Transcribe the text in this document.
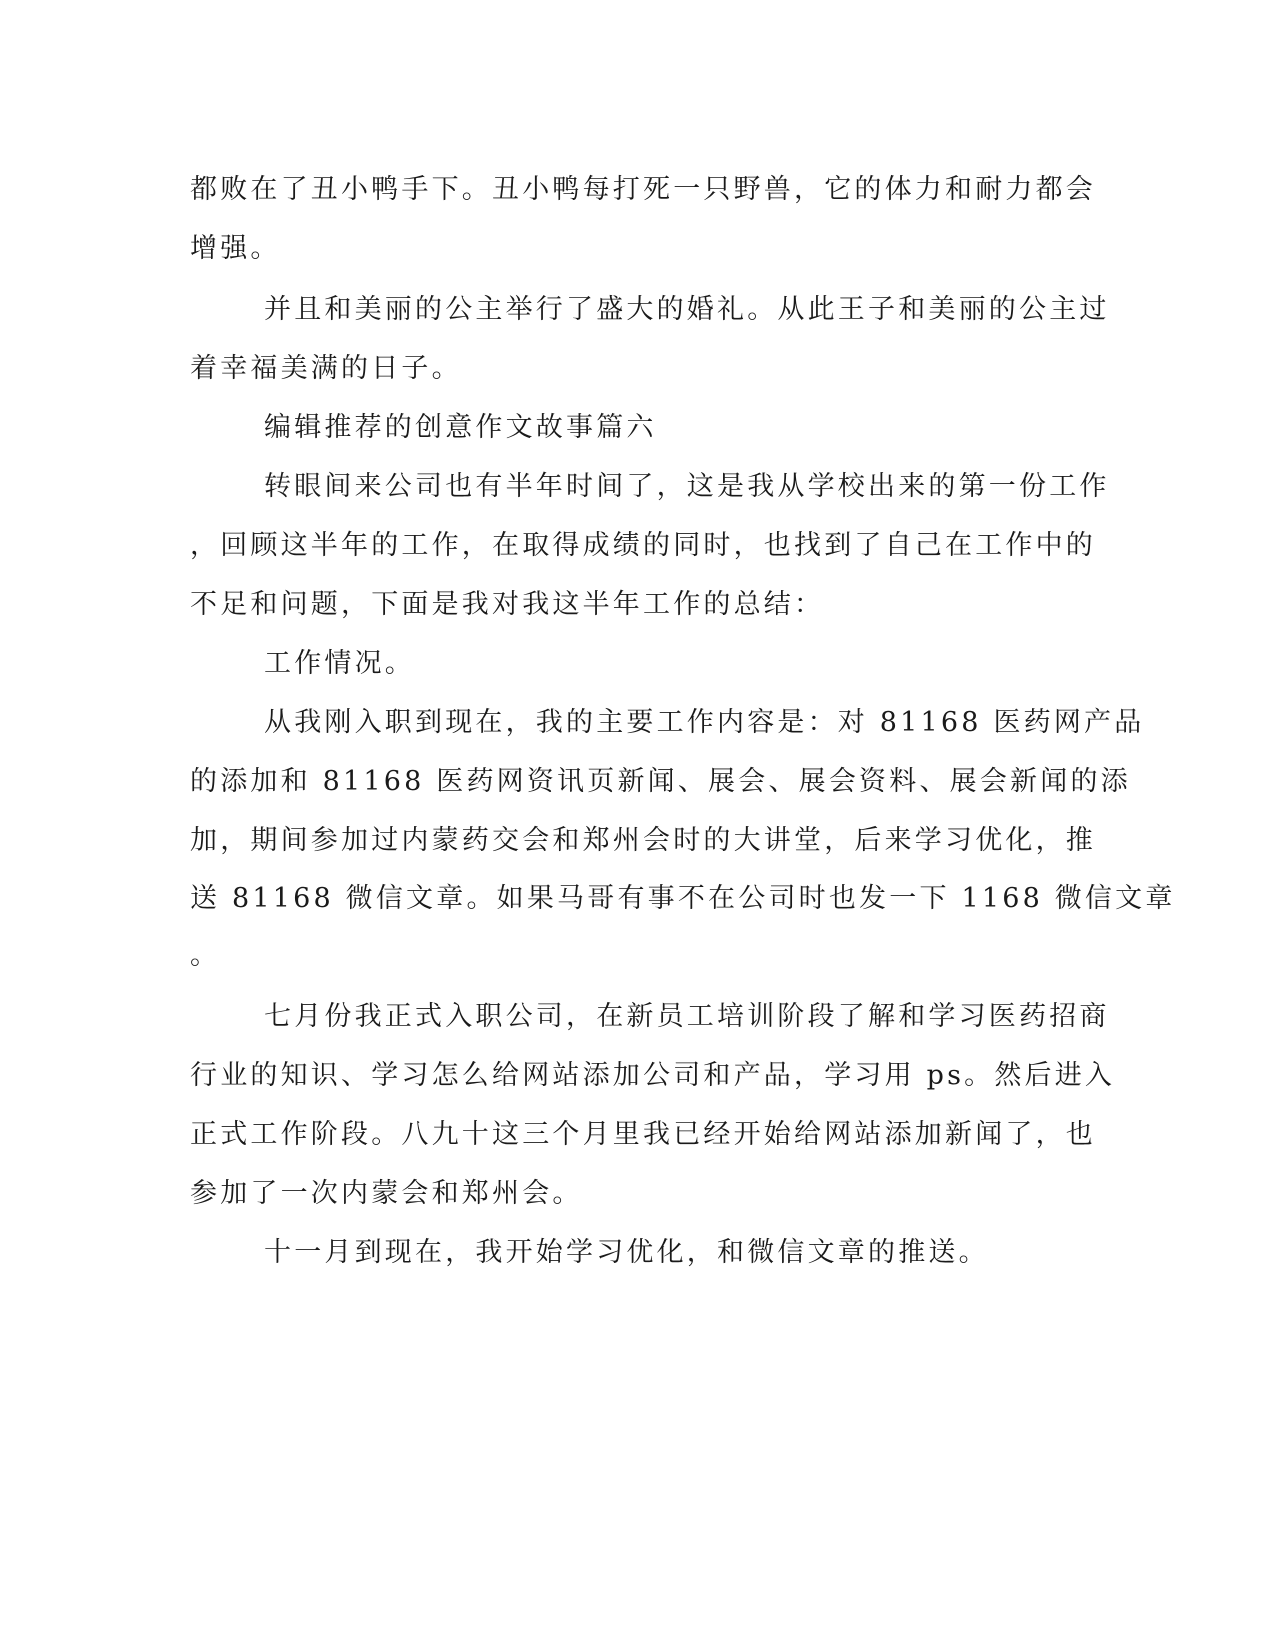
都败在了丑小鸭手下。丑小鸭每打死一只野兽，它的体力和耐力都会

增强。

并且和美丽的公主举行了盛大的婚礼。从此王子和美丽的公主过

着幸福美满的日子。

编辑推荐的创意作文故事篇六

转眼间来公司也有半年时间了，这是我从学校出来的第一份工作

，回顾这半年的工作，在取得成绩的同时，也找到了自己在工作中的

不足和问题，下面是我对我这半年工作的总结：

工作情况。

从我刚入职到现在，我的主要工作内容是：对 81168 医药网产品

的添加和 81168 医药网资讯页新闻、展会、展会资料、展会新闻的添

加，期间参加过内蒙药交会和郑州会时的大讲堂，后来学习优化，推

送 81168 微信文章。如果马哥有事不在公司时也发一下 1168 微信文章

。

七月份我正式入职公司，在新员工培训阶段了解和学习医药招商

行业的知识、学习怎么给网站添加公司和产品，学习用 ps。然后进入

正式工作阶段。八九十这三个月里我已经开始给网站添加新闻了，也

参加了一次内蒙会和郑州会。

十一月到现在，我开始学习优化，和微信文章的推送。
